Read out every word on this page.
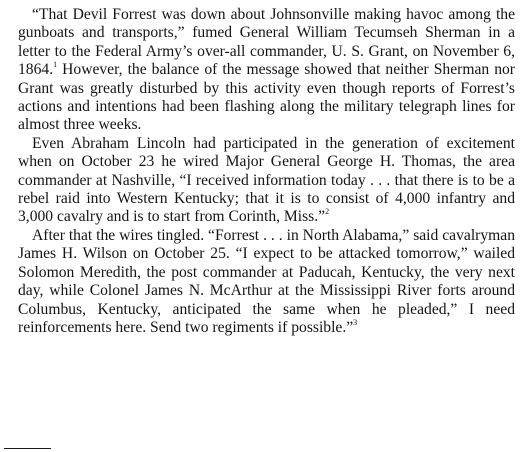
“That Devil Forrest was down about Johnsonville making havoc among the gunboats and transports,” fumed General William Tecumseh Sherman in a letter to the Federal Army’s over-all commander, U. S. Grant, on November 6, 1864.$^1$ However, the balance of the message showed that neither Sherman nor Grant was greatly disturbed by this activity even though reports of Forrest’s actions and intentions had been flashing along the military telegraph lines for almost three weeks.

Even Abraham Lincoln had participated in the generation of excitement when on October 23 he wired Major General George H. Thomas, the area commander at Nashville, “I received information today . . . that there is to be a rebel raid into Western Kentucky; that it is to consist of 4,000 infantry and 3,000 cavalry and is to start from Corinth, Miss.”$^2$

After that the wires tingled. “Forrest . . . in North Alabama,” said cavalryman James H. Wilson on October 25. “I expect to be attacked tomorrow,” wailed Solomon Meredith, the post commander at Paducah, Kentucky, the very next day, while Colonel James N. McArthur at the Mississippi River forts around Columbus, Kentucky, anticipated the same when he pleaded,” I need reinforcements here. Send two regiments if possible.”$^3$
